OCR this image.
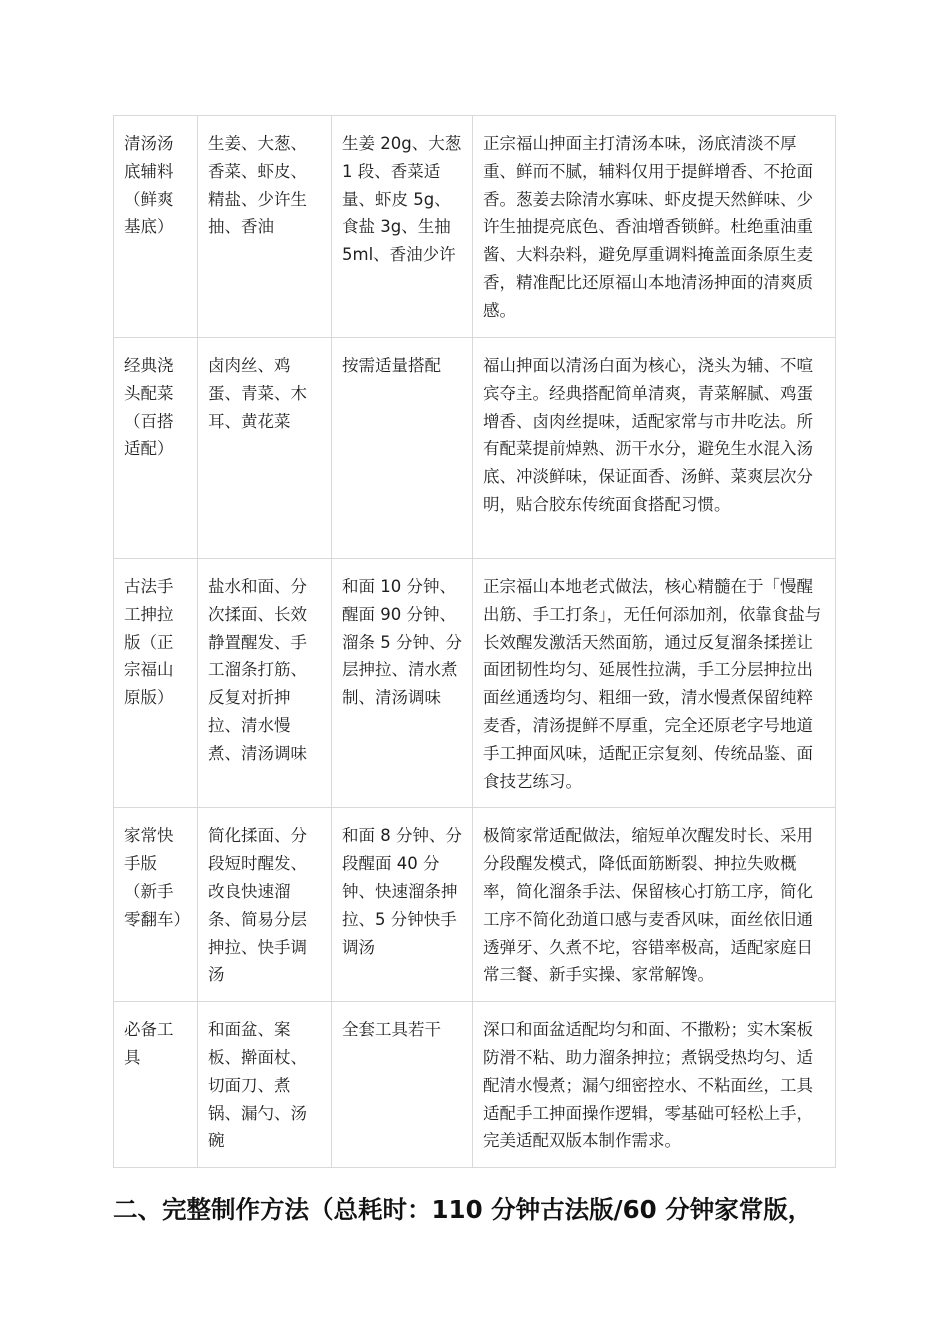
清汤汤底辅料（鲜爽基底）	生姜、大葱、香菜、虾皮、精盐、少许生抽、香油	生姜 20g、大葱 1 段、香菜适量、虾皮 5g、食盐 3g、生抽 5ml、香油少许	正宗福山抻面主打清汤本味，汤底清淡不厚重、鲜而不腻，辅料仅用于提鲜增香、不抢面香。葱姜去除清水寡味、虾皮提天然鲜味、少许生抽提亮底色、香油增香锁鲜。杜绝重油重酱、大料杂料，避免厚重调料掩盖面条原生麦香，精准配比还原福山本地清汤抻面的清爽质感。
经典浇头配菜（百搭适配）	卤肉丝、鸡蛋、青菜、木耳、黄花菜	按需适量搭配	福山抻面以清汤白面为核心，浇头为辅、不喧宾夺主。经典搭配简单清爽，青菜解腻、鸡蛋增香、卤肉丝提味，适配家常与市井吃法。所有配菜提前焯熟、沥干水分，避免生水混入汤底、冲淡鲜味，保证面香、汤鲜、菜爽层次分明，贴合胶东传统面食搭配习惯。
古法手工抻拉版（正宗福山原版）	盐水和面、分次揉面、长效静置醒发、手工溜条打筋、反复对折抻拉、清水慢煮、清汤调味	和面 10 分钟、醒面 90 分钟、溜条 5 分钟、分层抻拉、清水煮制、清汤调味	正宗福山本地老式做法，核心精髓在于「慢醒出筋、手工打条」，无任何添加剂，依靠食盐与长效醒发激活天然面筋，通过反复溜条揉搓让面团韧性均匀、延展性拉满，手工分层抻拉出面丝通透均匀、粗细一致，清水慢煮保留纯粹麦香，清汤提鲜不厚重，完全还原老字号地道手工抻面风味，适配正宗复刻、传统品鉴、面食技艺练习。
家常快手版（新手零翻车）	简化揉面、分段短时醒发、改良快速溜条、简易分层抻拉、快手调汤	和面 8 分钟、分段醒面 40 分钟、快速溜条抻拉、5 分钟快手调汤	极简家常适配做法，缩短单次醒发时长、采用分段醒发模式，降低面筋断裂、抻拉失败概率，简化溜条手法、保留核心打筋工序，简化工序不简化劲道口感与麦香风味，面丝依旧通透弹牙、久煮不坨，容错率极高，适配家庭日常三餐、新手实操、家常解馋。
必备工具	和面盆、案板、擀面杖、切面刀、煮锅、漏勺、汤碗	全套工具若干	深口和面盆适配均匀和面、不撒粉；实木案板防滑不粘、助力溜条抻拉；煮锅受热均匀、适配清水慢煮；漏勺细密控水、不粘面丝，工具适配手工抻面操作逻辑，零基础可轻松上手，完美适配双版本制作需求。
二、完整制作方法（总耗时：110 分钟古法版/60 分钟家常版，
